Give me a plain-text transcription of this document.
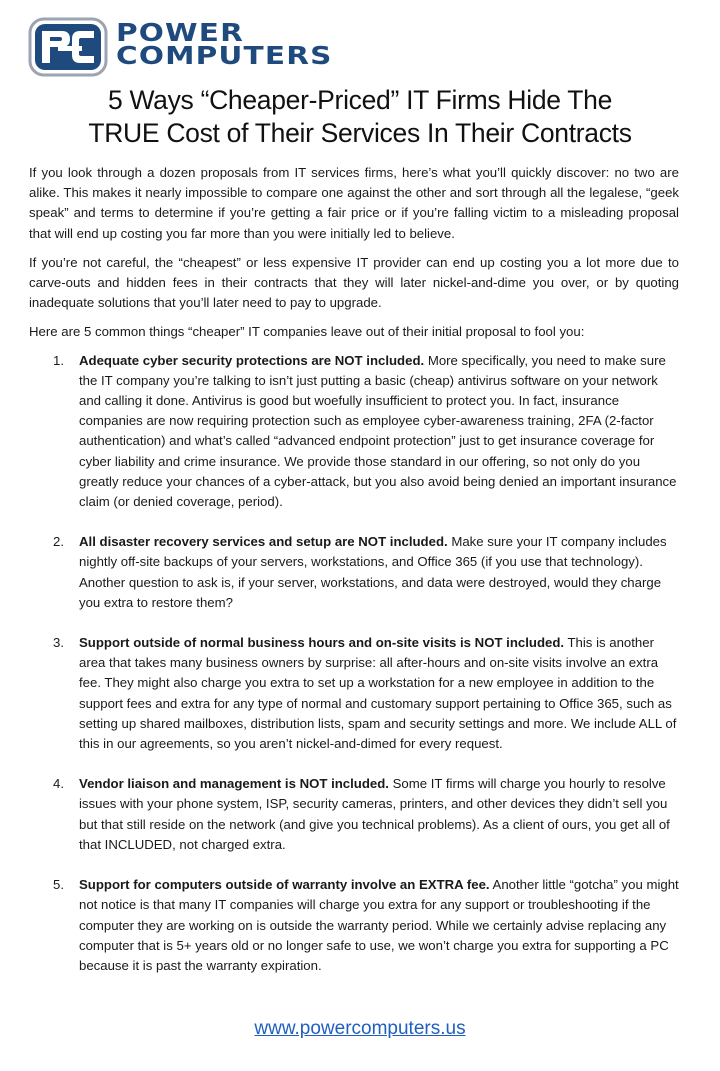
POWER
COMPUTERS
5 Ways “Cheaper-Priced” IT Firms Hide The
TRUE Cost of Their Services In Their Contracts

If you look through a dozen proposals from IT services firms, here’s what you’ll quickly discover: no two are alike. This makes it nearly impossible to compare one against the other and sort through all the legalese, “geek speak” and terms to determine if you’re getting a fair price or if you’re falling victim to a misleading proposal that will end up costing you far more than you were initially led to believe.

If you’re not careful, the “cheapest” or less expensive IT provider can end up costing you a lot more due to carve-outs and hidden fees in their contracts that they will later nickel-and-dime you over, or by quoting inadequate solutions that you’ll later need to pay to upgrade.

Here are 5 common things “cheaper” IT companies leave out of their initial proposal to fool you:

1. Adequate cyber security protections are NOT included. More specifically, you need to make sure the IT company you’re talking to isn’t just putting a basic (cheap) antivirus software on your network and calling it done. Antivirus is good but woefully insufficient to protect you. In fact, insurance companies are now requiring protection such as employee cyber-awareness training, 2FA (2-factor authentication) and what’s called “advanced endpoint protection” just to get insurance coverage for cyber liability and crime insurance. We provide those standard in our offering, so not only do you greatly reduce your chances of a cyber-attack, but you also avoid being denied an important insurance claim (or denied coverage, period).
2. All disaster recovery services and setup are NOT included. Make sure your IT company includes nightly off-site backups of your servers, workstations, and Office 365 (if you use that technology). Another question to ask is, if your server, workstations, and data were destroyed, would they charge you extra to restore them?
3. Support outside of normal business hours and on-site visits is NOT included. This is another area that takes many business owners by surprise: all after-hours and on-site visits involve an extra fee. They might also charge you extra to set up a workstation for a new employee in addition to the support fees and extra for any type of normal and customary support pertaining to Office 365, such as setting up shared mailboxes, distribution lists, spam and security settings and more. We include ALL of this in our agreements, so you aren’t nickel-and-dimed for every request.
4. Vendor liaison and management is NOT included. Some IT firms will charge you hourly to resolve issues with your phone system, ISP, security cameras, printers, and other devices they didn’t sell you but that still reside on the network (and give you technical problems). As a client of ours, you get all of that INCLUDED, not charged extra.
5. Support for computers outside of warranty involve an EXTRA fee. Another little “gotcha” you might not notice is that many IT companies will charge you extra for any support or troubleshooting if the computer they are working on is outside the warranty period. While we certainly advise replacing any computer that is 5+ years old or no longer safe to use, we won’t charge you extra for supporting a PC because it is past the warranty expiration.
www.powercomputers.us
